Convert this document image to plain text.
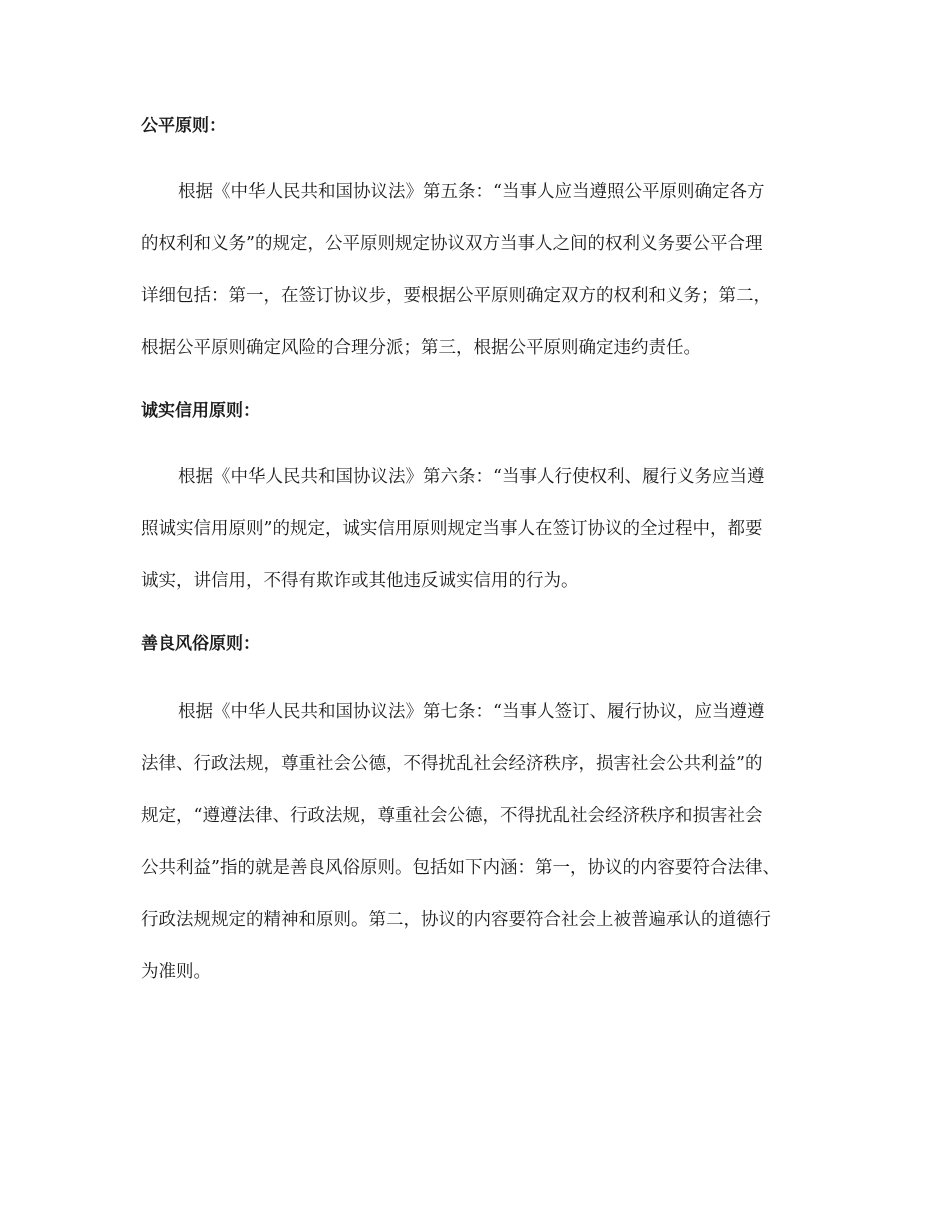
公平原则：
根据《中华人民共和国协议法》第五条：“当事人应当遵照公平原则确定各方
的权利和义务”的规定，公平原则规定协议双方当事人之间的权利义务要公平合理
详细包括：第一，在签订协议步，要根据公平原则确定双方的权利和义务；第二，
根据公平原则确定风险的合理分派；第三，根据公平原则确定违约责任。
诚实信用原则：
根据《中华人民共和国协议法》第六条：“当事人行使权利、履行义务应当遵
照诚实信用原则”的规定，诚实信用原则规定当事人在签订协议的全过程中，都要
诚实，讲信用，不得有欺诈或其他违反诚实信用的行为。
善良风俗原则：
根据《中华人民共和国协议法》第七条：“当事人签订、履行协议，应当遵遵
法律、行政法规，尊重社会公德，不得扰乱社会经济秩序，损害社会公共利益”的
规定，“遵遵法律、行政法规，尊重社会公德，不得扰乱社会经济秩序和损害社会
公共利益”指的就是善良风俗原则。包括如下内涵：第一，协议的内容要符合法律、
行政法规规定的精神和原则。第二，协议的内容要符合社会上被普遍承认的道德行
为准则。
